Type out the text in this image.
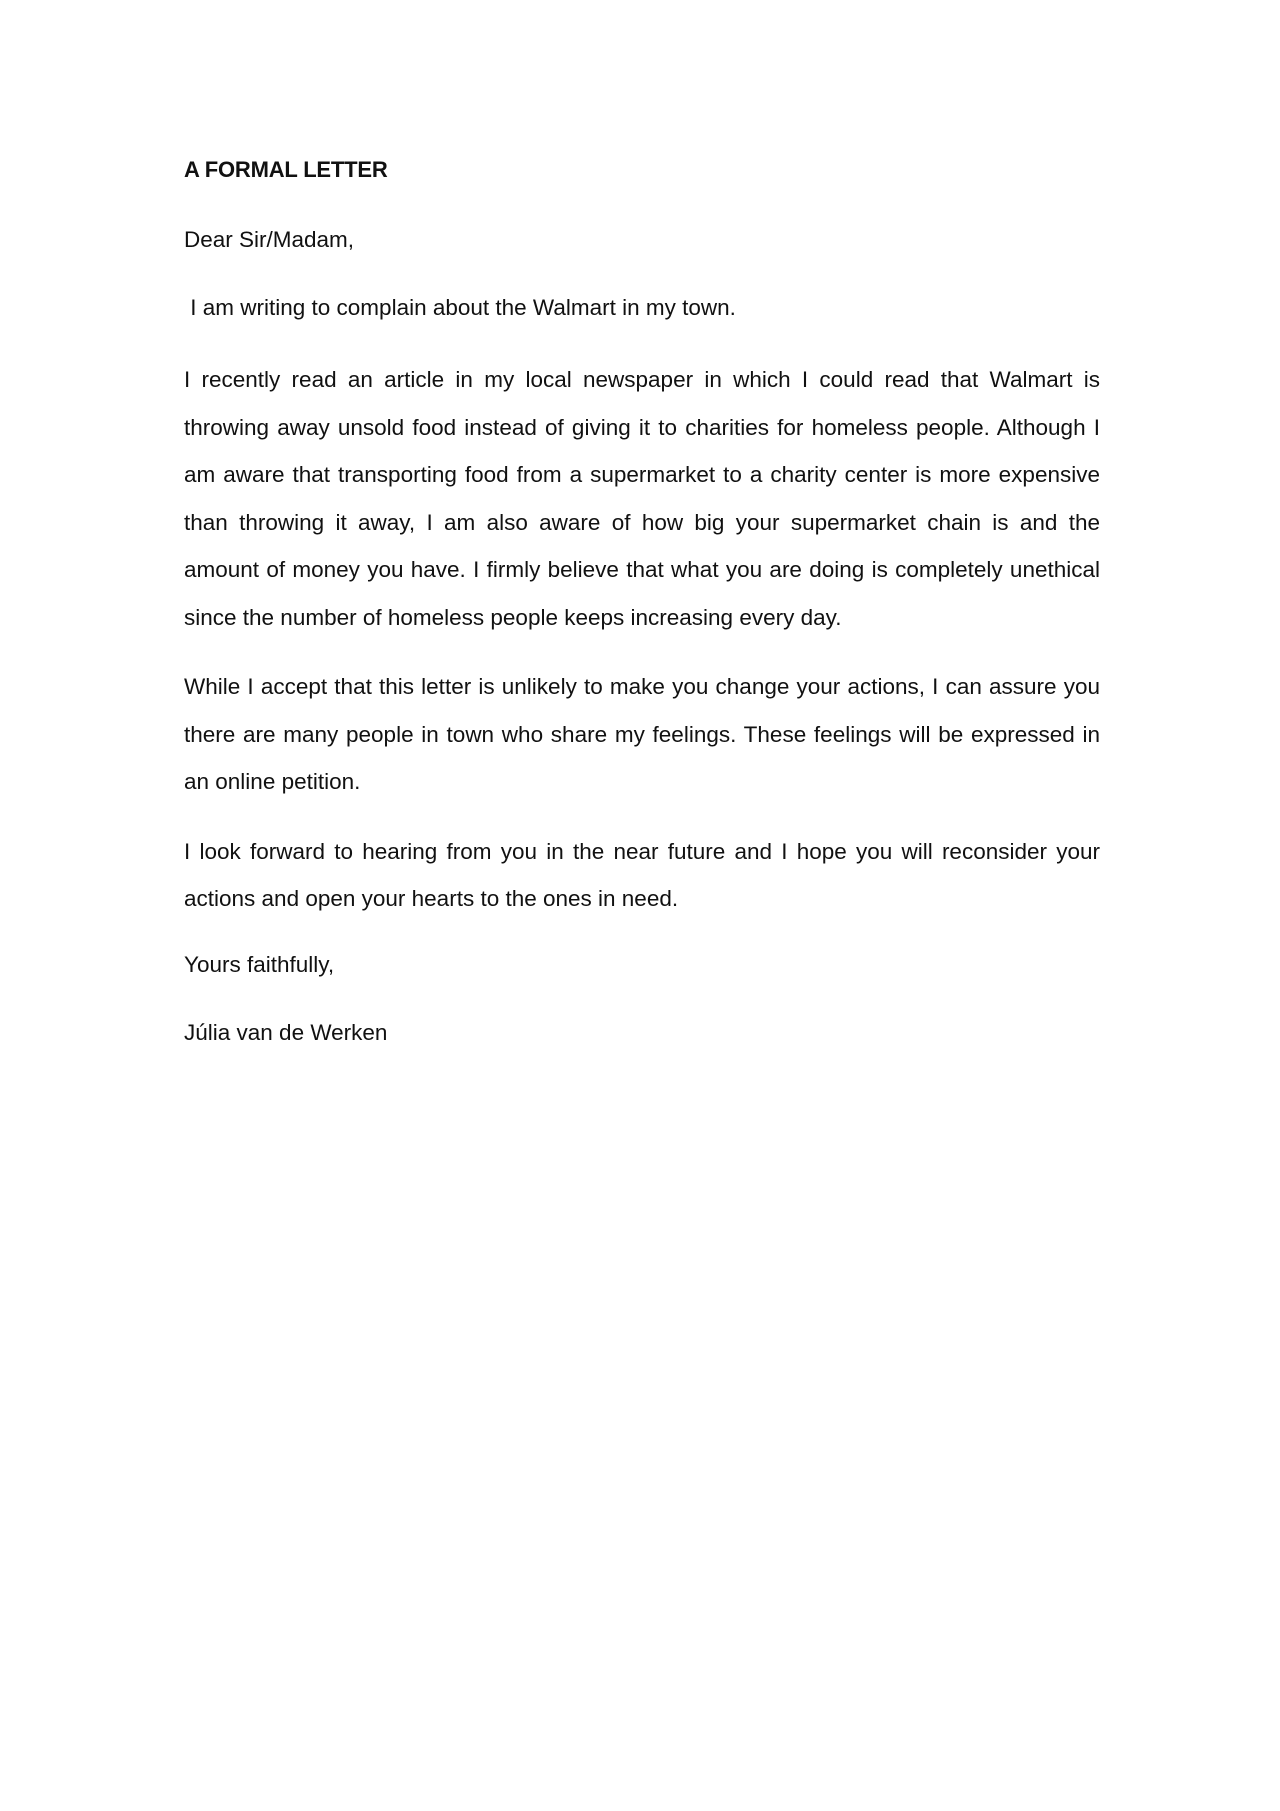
A FORMAL LETTER

Dear Sir/Madam,

I am writing to complain about the Walmart in my town.

I recently read an article in my local newspaper in which I could read that Walmart is throwing away unsold food instead of giving it to charities for homeless people. Although I am aware that transporting food from a supermarket to a charity center is more expensive than throwing it away, I am also aware of how big your supermarket chain is and the amount of money you have. I firmly believe that what you are doing is completely unethical since the number of homeless people keeps increasing every day.

While I accept that this letter is unlikely to make you change your actions, I can assure you there are many people in town who share my feelings. These feelings will be expressed in an online petition.

I look forward to hearing from you in the near future and I hope you will reconsider your actions and open your hearts to the ones in need.

Yours faithfully,

Júlia van de Werken
